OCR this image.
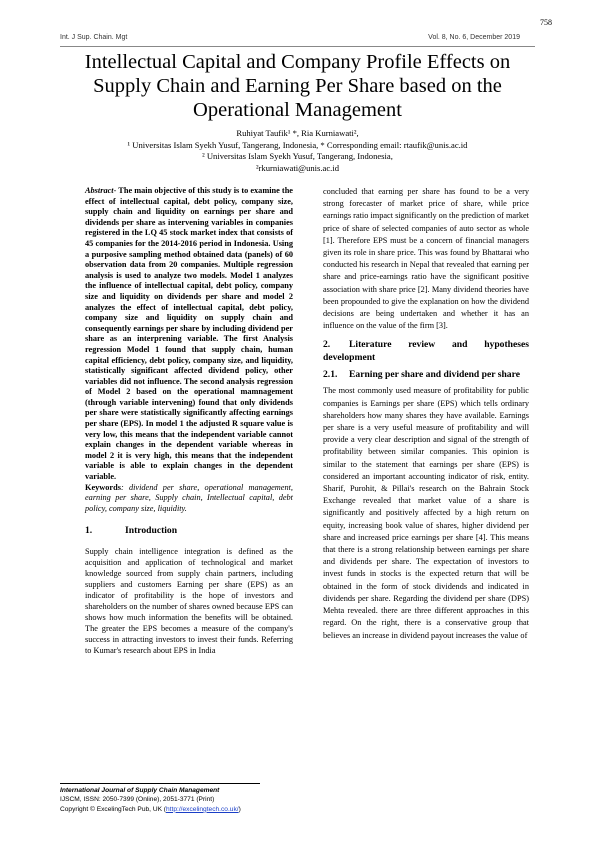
758
Int. J Sup. Chain. Mgt	Vol. 8, No. 6, December 2019
Intellectual Capital and Company Profile Effects on Supply Chain and Earning Per Share based on the Operational Management
Ruhiyat Taufik¹ *, Ria Kurniawati²,
¹ Universitas Islam Syekh Yusuf, Tangerang, Indonesia, * Corresponding email: rtaufik@unis.ac.id
² Universitas Islam Syekh Yusuf, Tangerang, Indonesia,
²rkurniawati@unis.ac.id

Abstract- The main objective of this study is to examine the effect of intellectual capital, debt policy, company size, supply chain and liquidity on earnings per share and dividends per share as intervening variables in companies registered in the LQ 45 stock market index that consists of 45 companies for the 2014-2016 period in Indonesia. Using a purposive sampling method obtained data (panels) of 60 observation data from 20 companies. Multiple regression analysis is used to analyze two models. Model 1 analyzes the influence of intellectual capital, debt policy, company size and liquidity on dividends per share and model 2 analyzes the effect of intellectual capital, debt policy, company size and liquidity on supply chain and consequently earnings per share by including dividend per share as an interprening variable. The first Analysis regression Model 1 found that supply chain, human capital efficiency, debt policy, company size, and liquidity, statistically significant affected dividend policy, other variables did not influence. The second analysis regression of Model 2 based on the operational mamnagement (through variable intervening) found that only dividends per share were statistically significantly affecting earnings per share (EPS). In model 1 the adjusted R square value is very low, this means that the independent variable cannot explain changes in the dependent variable whereas in model 2 it is very high, this means that the independent variable is able to explain changes in the dependent variable.

Keywords: dividend per share, operational management, earning per share, Supply chain, Intellectual capital, debt policy, company size, liquidity.

1.	Introduction

Supply chain intelligence integration is defined as the acquisition and application of technological and market knowledge sourced from supply chain partners, including suppliers and customers Earning per share (EPS) as an indicator of profitability is the hope of investors and shareholders on the number of shares owned because EPS can shows how much information the benefits will be obtained. The greater the EPS becomes a measure of the company's success in attracting investors to invest their funds. Referring to Kumar's research about EPS in India

concluded that earning per share has found to be a very strong forecaster of market price of share, while price earnings ratio impact significantly on the prediction of market price of share of selected companies of auto sector as whole [1]. Therefore EPS must be a concern of financial managers given its role in share price. This was found by Bhattarai who conducted his research in Nepal that revealed that earning per share and price-earnings ratio have the significant positive association with share price [2]. Many dividend theories have been propounded to give the explanation on how the dividend decisions are being undertaken and whether it has an influence on the value of the firm [3].

2. Literature review and hypotheses development
2.1. Earning per share and dividend per share

The most commonly used measure of profitability for public companies is Earnings per share (EPS) which tells ordinary shareholders how many shares they have available. Earnings per share is a very useful measure of profitability and will provide a very clear description and signal of the strength of profitability between similar companies. This opinion is similar to the statement that earnings per share (EPS) is considered an important accounting indicator of risk, entity. Sharif, Purohit, & Pillai's research on the Bahrain Stock Exchange revealed that market value of a share is significantly and positively affected by a high return on equity, increasing book value of shares, higher dividend per share and increased price earnings per share [4]. This means that there is a strong relationship between earnings per share and dividends per share. The expectation of investors to invest funds in stocks is the expected return that will be obtained in the form of stock dividends and indicated in dividends per share. Regarding the dividend per share (DPS) Mehta revealed. there are three different approaches in this regard. On the right, there is a conservative group that believes an increase in dividend payout increases the value of

International Journal of Supply Chain Management
IJSCM, ISSN: 2050-7399 (Online), 2051-3771 (Print)
Copyright © ExcelingTech Pub, UK (http://excelingtech.co.uk/)
